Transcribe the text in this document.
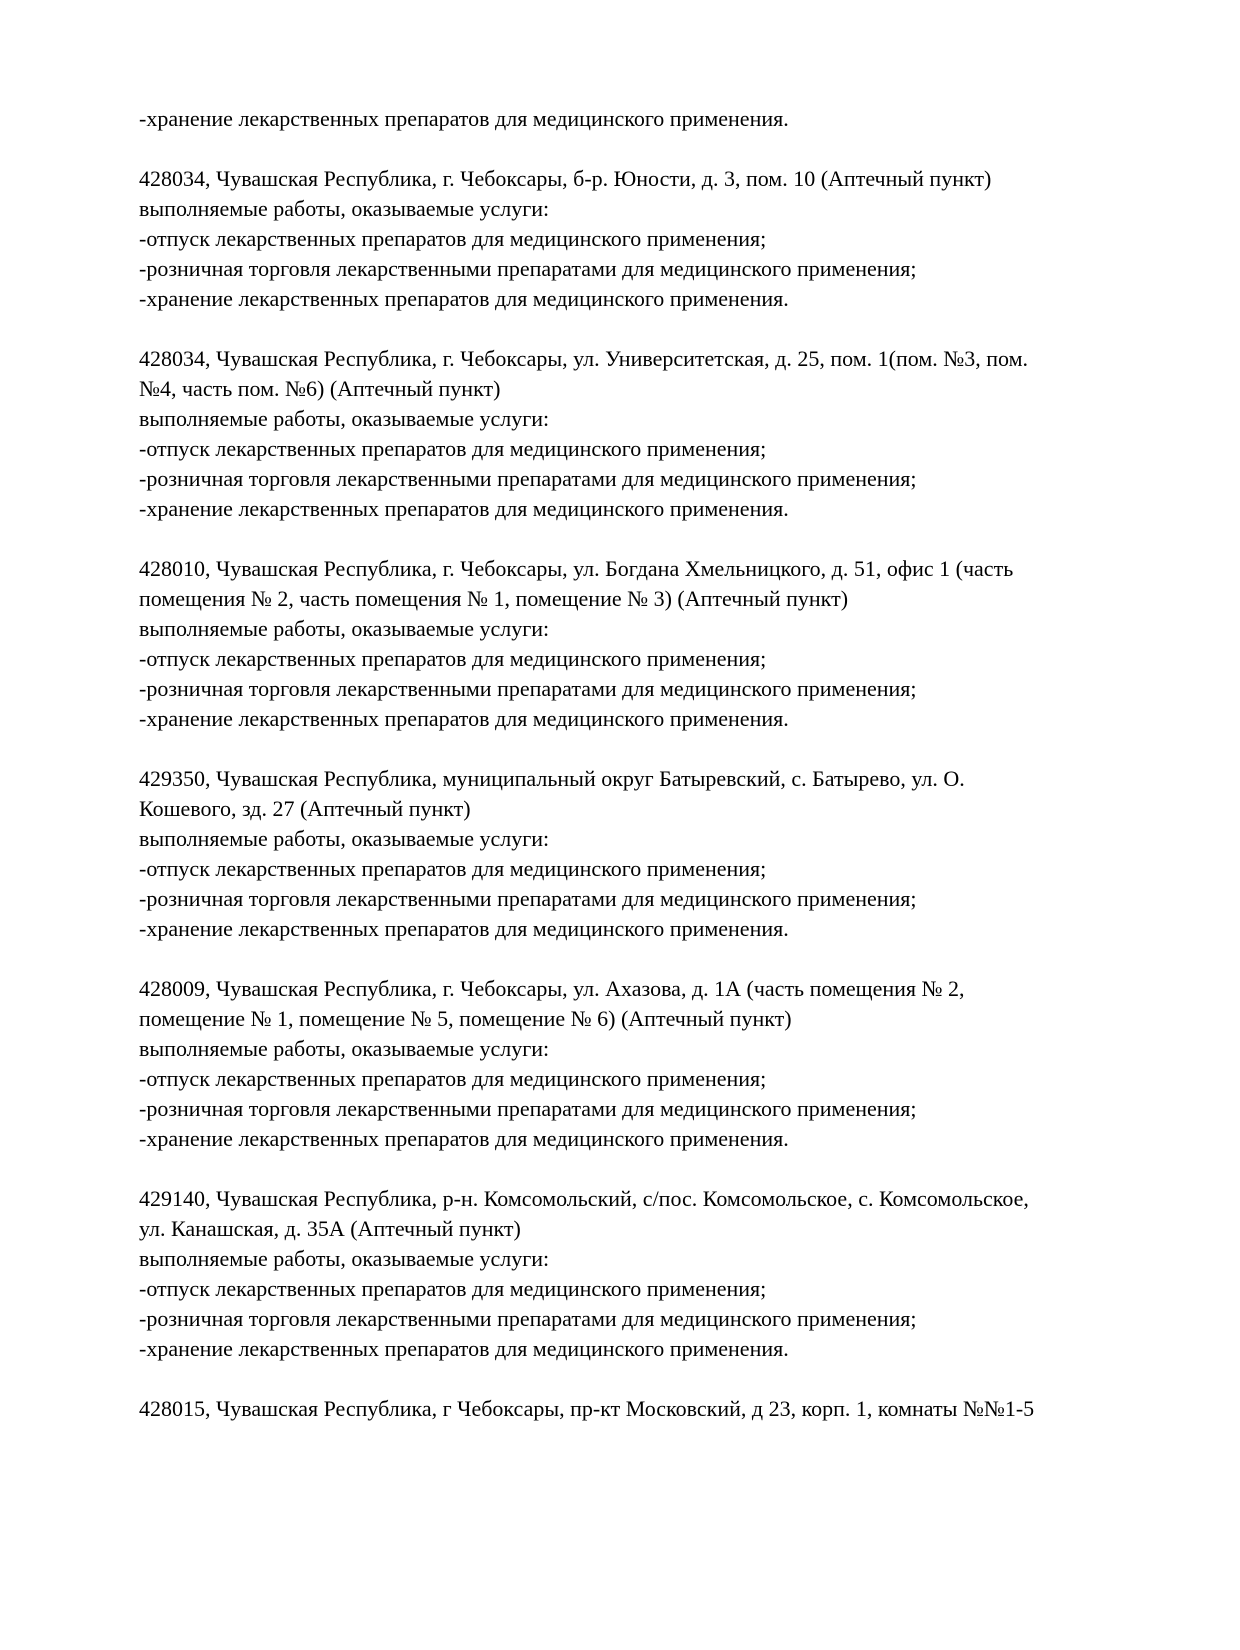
-хранение лекарственных препаратов для медицинского применения.

428034, Чувашская Республика, г. Чебоксары, б-р. Юности, д. 3, пом. 10 (Аптечный пункт)
выполняемые работы, оказываемые услуги:
-отпуск лекарственных препаратов для медицинского применения;
-розничная торговля лекарственными препаратами для медицинского применения;
-хранение лекарственных препаратов для медицинского применения.
428034, Чувашская Республика, г. Чебоксары, ул. Университетская, д. 25, пом. 1(пом. №3, пом.
№4, часть пом. №6) (Аптечный пункт)
выполняемые работы, оказываемые услуги:
-отпуск лекарственных препаратов для медицинского применения;
-розничная торговля лекарственными препаратами для медицинского применения;
-хранение лекарственных препаратов для медицинского применения.
428010, Чувашская Республика, г. Чебоксары, ул. Богдана Хмельницкого, д. 51, офис 1 (часть
помещения № 2, часть помещения № 1, помещение № 3) (Аптечный пункт)
выполняемые работы, оказываемые услуги:
-отпуск лекарственных препаратов для медицинского применения;
-розничная торговля лекарственными препаратами для медицинского применения;
-хранение лекарственных препаратов для медицинского применения.
429350, Чувашская Республика, муниципальный округ Батыревский, с. Батырево, ул. О.
Кошевого, зд. 27 (Аптечный пункт)
выполняемые работы, оказываемые услуги:
-отпуск лекарственных препаратов для медицинского применения;
-розничная торговля лекарственными препаратами для медицинского применения;
-хранение лекарственных препаратов для медицинского применения.
428009, Чувашская Республика, г. Чебоксары, ул. Ахазова, д. 1А (часть помещения № 2,
помещение № 1, помещение № 5, помещение № 6) (Аптечный пункт)
выполняемые работы, оказываемые услуги:
-отпуск лекарственных препаратов для медицинского применения;
-розничная торговля лекарственными препаратами для медицинского применения;
-хранение лекарственных препаратов для медицинского применения.
429140, Чувашская Республика, р-н. Комсомольский, с/пос. Комсомольское, с. Комсомольское,
ул. Канашская, д. 35А (Аптечный пункт)
выполняемые работы, оказываемые услуги:
-отпуск лекарственных препаратов для медицинского применения;
-розничная торговля лекарственными препаратами для медицинского применения;
-хранение лекарственных препаратов для медицинского применения.

428015, Чувашская Республика, г Чебоксары, пр-кт Московский, д 23, корп. 1, комнаты №№1-5
